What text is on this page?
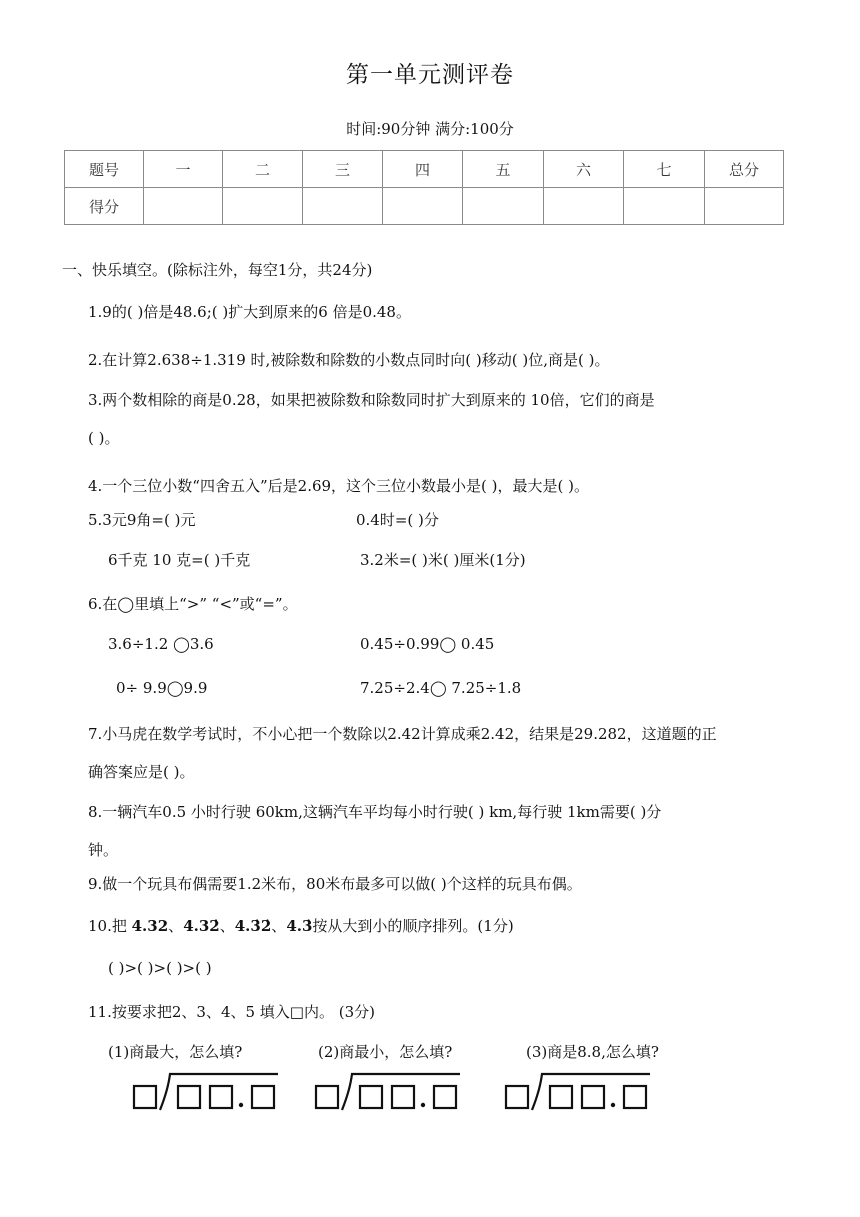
第一单元测评卷
时间:90分钟 满分:100分
题号	一	二	三	四	五	六	七	总分
得分								
一、快乐填空。(除标注外，每空1分，共24分)
1.9的( )倍是48.6;( )扩大到原来的6 倍是0.48。
2.在计算2.638÷1.319 时,被除数和除数的小数点同时向( )移动( )位,商是( )。
3.两个数相除的商是0.28，如果把被除数和除数同时扩大到原来的 10倍，它们的商是
( )。
4.一个三位小数“四舍五入”后是2.69，这个三位小数最小是( )，最大是( )。
5.3元9角=( )元	0.4时=( )分
6千克 10 克=( )千克	3.2米=( )米( )厘米(1分)
6.在◯里填上“>” “<”或“=”。
3.6÷1.2 ◯3.6	0.45÷0.99◯ 0.45
0÷ 9.9◯9.9	7.25÷2.4◯ 7.25÷1.8
7.小马虎在数学考试时，不小心把一个数除以2.42计算成乘2.42，结果是29.282，这道题的正
确答案应是( )。
8.一辆汽车0.5 小时行驶 60km,这辆汽车平均每小时行驶( ) km,每行驶 1km需要( )分
钟。
9.做一个玩具布偶需要1.2米布，80米布最多可以做( )个这样的玩具布偶。
10.把 4.32、4.32̇、4.3̇2̇、4.3̇按从大到小的顺序排列。(1分)
( )>( )>( )>( )
11.按要求把2、3、4、5 填入□内。 (3分)
(1)商最大，怎么填?	(2)商最小，怎么填?	(3)商是8.8,怎么填?
